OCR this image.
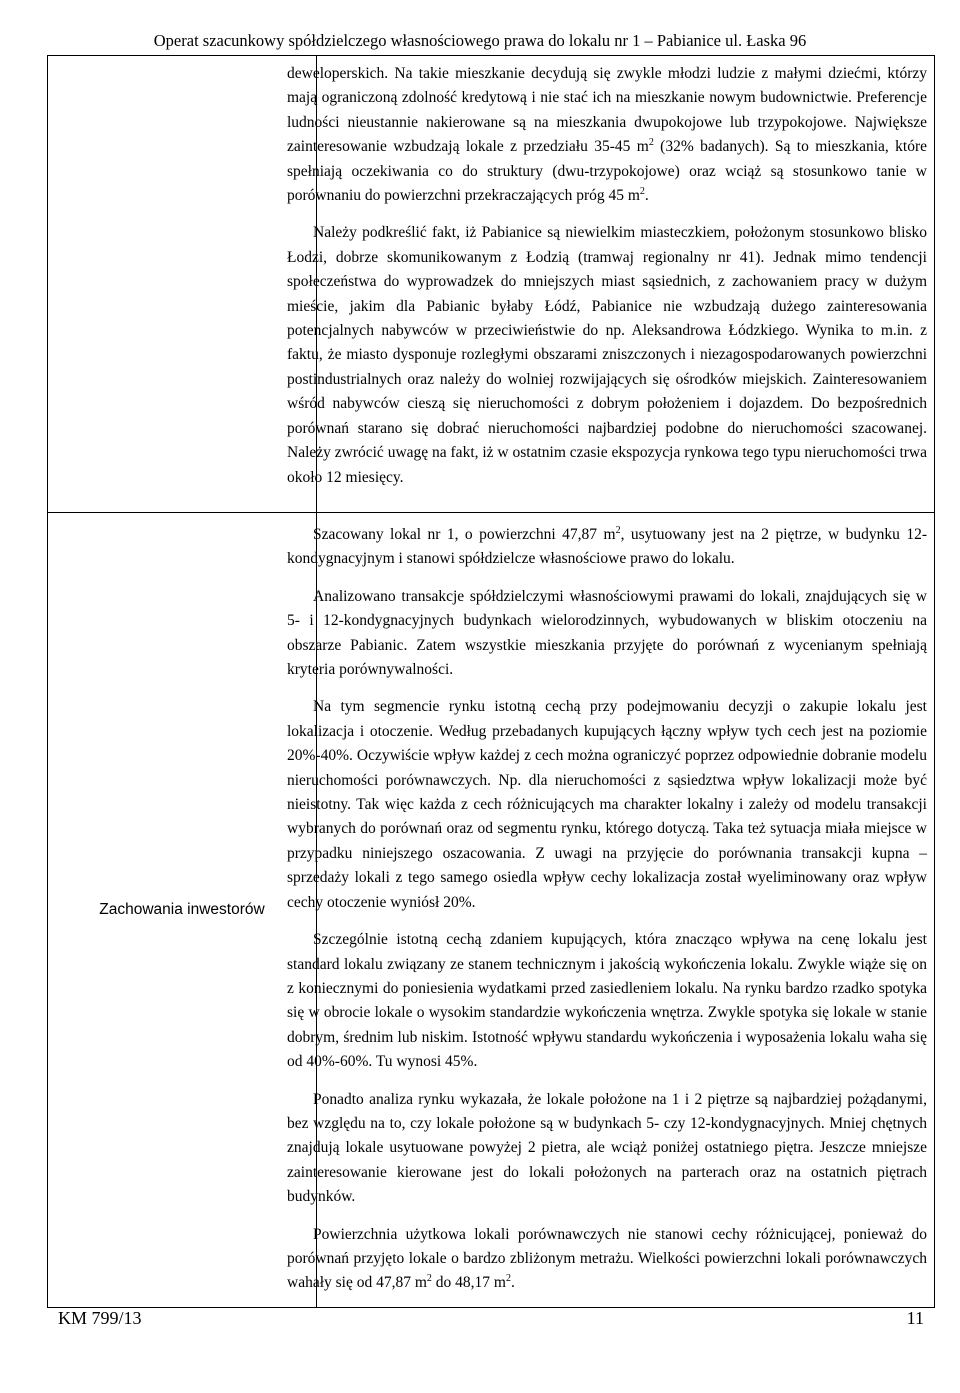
Operat szacunkowy spółdzielczego własnościowego prawa do lokalu nr 1 – Pabianice ul. Łaska 96
Zachowania inwestorów

deweloperskich. Na takie mieszkanie decydują się zwykle młodzi ludzie z małymi dziećmi, którzy mają ograniczoną zdolność kredytową i nie stać ich na mieszkanie nowym budownictwie. Preferencje ludności nieustannie nakierowane są na mieszkania dwupokojowe lub trzypokojowe. Największe zainteresowanie wzbudzają lokale z przedziału 35-45 $m^2$ (32% badanych). Są to mieszkania, które spełniają oczekiwania co do struktury (dwu-trzypokojowe) oraz wciąż są stosunkowo tanie w porównaniu do powierzchni przekraczających próg 45 $m^2$.

Należy podkreślić fakt, iż Pabianice są niewielkim miasteczkiem, położonym stosunkowo blisko Łodzi, dobrze skomunikowanym z Łodzią (tramwaj regionalny nr 41). Jednak mimo tendencji społeczeństwa do wyprowadzek do mniejszych miast sąsiednich, z zachowaniem pracy w dużym mieście, jakim dla Pabianic byłaby Łódź, Pabianice nie wzbudzają dużego zainteresowania potencjalnych nabywców w przeciwieństwie do np. Aleksandrowa Łódzkiego. Wynika to m.in. z faktu, że miasto dysponuje rozległymi obszarami zniszczonych i niezagospodarowanych powierzchni postindustrialnych oraz należy do wolniej rozwijających się ośrodków miejskich. Zainteresowaniem wśród nabywców cieszą się nieruchomości z dobrym położeniem i dojazdem. Do bezpośrednich porównań starano się dobrać nieruchomości najbardziej podobne do nieruchomości szacowanej. Należy zwrócić uwagę na fakt, iż w ostatnim czasie ekspozycja rynkowa tego typu nieruchomości trwa około 12 miesięcy.

Szacowany lokal nr 1, o powierzchni 47,87 $m^2$, usytuowany jest na 2 piętrze, w budynku 12-kondygnacyjnym i stanowi spółdzielcze własnościowe prawo do lokalu.

Analizowano transakcje spółdzielczymi własnościowymi prawami do lokali, znajdujących się w 5- i 12-kondygnacyjnych budynkach wielorodzinnych, wybudowanych w bliskim otoczeniu na obszarze Pabianic. Zatem wszystkie mieszkania przyjęte do porównań z wycenianym spełniają kryteria porównywalności.

Na tym segmencie rynku istotną cechą przy podejmowaniu decyzji o zakupie lokalu jest lokalizacja i otoczenie. Według przebadanych kupujących łączny wpływ tych cech jest na poziomie 20%-40%. Oczywiście wpływ każdej z cech można ograniczyć poprzez odpowiednie dobranie modelu nieruchomości porównawczych. Np. dla nieruchomości z sąsiedztwa wpływ lokalizacji może być nieistotny. Tak więc każda z cech różnicujących ma charakter lokalny i zależy od modelu transakcji wybranych do porównań oraz od segmentu rynku, którego dotyczą. Taka też sytuacja miała miejsce w przypadku niniejszego oszacowania. Z uwagi na przyjęcie do porównania transakcji kupna – sprzedaży lokali z tego samego osiedla wpływ cechy lokalizacja został wyeliminowany oraz wpływ cechy otoczenie wyniósł 20%.

Szczególnie istotną cechą zdaniem kupujących, która znacząco wpływa na cenę lokalu jest standard lokalu związany ze stanem technicznym i jakością wykończenia lokalu. Zwykle wiąże się on z koniecznymi do poniesienia wydatkami przed zasiedleniem lokalu. Na rynku bardzo rzadko spotyka się w obrocie lokale o wysokim standardzie wykończenia wnętrza. Zwykle spotyka się lokale w stanie dobrym, średnim lub niskim. Istotność wpływu standardu wykończenia i wyposażenia lokalu waha się od 40%-60%. Tu wynosi 45%.

Ponadto analiza rynku wykazała, że lokale położone na 1 i 2 piętrze są najbardziej pożądanymi, bez względu na to, czy lokale położone są w budynkach 5- czy 12-kondygnacyjnych. Mniej chętnych znajdują lokale usytuowane powyżej 2 pietra, ale wciąż poniżej ostatniego piętra. Jeszcze mniejsze zainteresowanie kierowane jest do lokali położonych na parterach oraz na ostatnich piętrach budynków.

Powierzchnia użytkowa lokali porównawczych nie stanowi cechy różnicującej, ponieważ do porównań przyjęto lokale o bardzo zbliżonym metrażu. Wielkości powierzchni lokali porównawczych wahały się od 47,87 $m^2$ do 48,17 $m^2$.

KM 799/13	11
